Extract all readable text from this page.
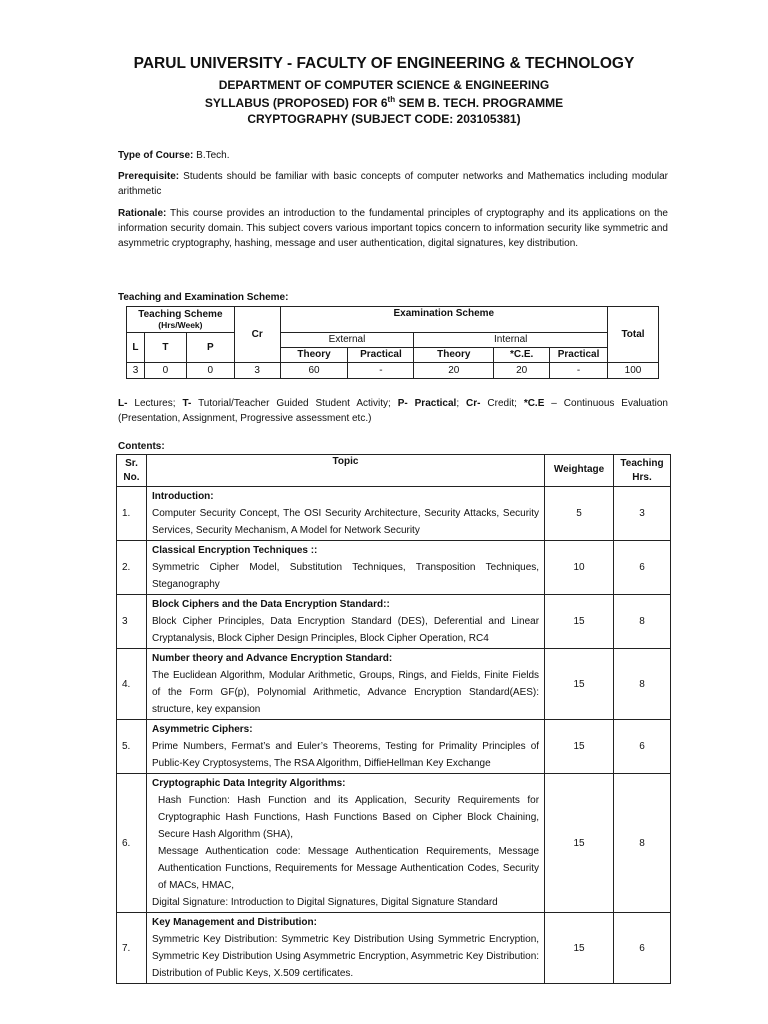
PARUL UNIVERSITY - FACULTY OF ENGINEERING & TECHNOLOGY
DEPARTMENT OF COMPUTER SCIENCE & ENGINEERING
SYLLABUS (PROPOSED) FOR 6th SEM B. TECH. PROGRAMME
CRYPTOGRAPHY (SUBJECT CODE: 203105381)
Type of Course: B.Tech.
Prerequisite: Students should be familiar with basic concepts of computer networks and Mathematics including modular arithmetic
Rationale: This course provides an introduction to the fundamental principles of cryptography and its applications on the information security domain. This subject covers various important topics concern to information security like symmetric and asymmetric cryptography, hashing, message and user authentication, digital signatures, key distribution.
Teaching and Examination Scheme:
Teaching Scheme
(Hrs/Week)			Cr	Examination Scheme					Total
L	T	P		External		Internal			
				Theory	Practical	Theory	*C.E.	Practical	
3	0	0	3	60	-	20	20	-	100
L- Lectures; T- Tutorial/Teacher Guided Student Activity; P- Practical; Cr- Credit; *C.E – Continuous Evaluation (Presentation, Assignment, Progressive assessment etc.)
Contents:
Sr. No.	Topic	Weightage	Teaching Hrs.
1.	Introduction:
Computer Security Concept, The OSI Security Architecture, Security Attacks, Security Services, Security Mechanism, A Model for Network Security	5	3
2.	Classical Encryption Techniques ::
Symmetric Cipher Model, Substitution Techniques, Transposition Techniques, Steganography	10	6
3	Block Ciphers and the Data Encryption Standard::
Block Cipher Principles, Data Encryption Standard (DES), Deferential and Linear Cryptanalysis, Block Cipher Design Principles, Block Cipher Operation, RC4	15	8
4.	Number theory and Advance Encryption Standard:
The Euclidean Algorithm, Modular Arithmetic, Groups, Rings, and Fields, Finite Fields of the Form GF(p), Polynomial Arithmetic, Advance Encryption Standard(AES): structure, key expansion	15	8
5.	Asymmetric Ciphers:
Prime Numbers, Fermat’s and Euler’s Theorems, Testing for Primality Principles of Public-Key Cryptosystems, The RSA Algorithm, DiffieHellman Key Exchange	15	6
6.	Cryptographic Data Integrity Algorithms:
Hash Function: Hash Function and its Application, Security Requirements for Cryptographic Hash Functions, Hash Functions Based on Cipher Block Chaining, Secure Hash Algorithm (SHA),
Message Authentication code: Message Authentication Requirements, Message Authentication Functions, Requirements for Message Authentication Codes, Security of MACs, HMAC,
Digital Signature: Introduction to Digital Signatures, Digital Signature Standard	15	8
7.	Key Management and Distribution:
Symmetric Key Distribution: Symmetric Key Distribution Using Symmetric Encryption, Symmetric Key Distribution Using Asymmetric Encryption, Asymmetric Key Distribution: Distribution of Public Keys, X.509 certificates.	15	6
